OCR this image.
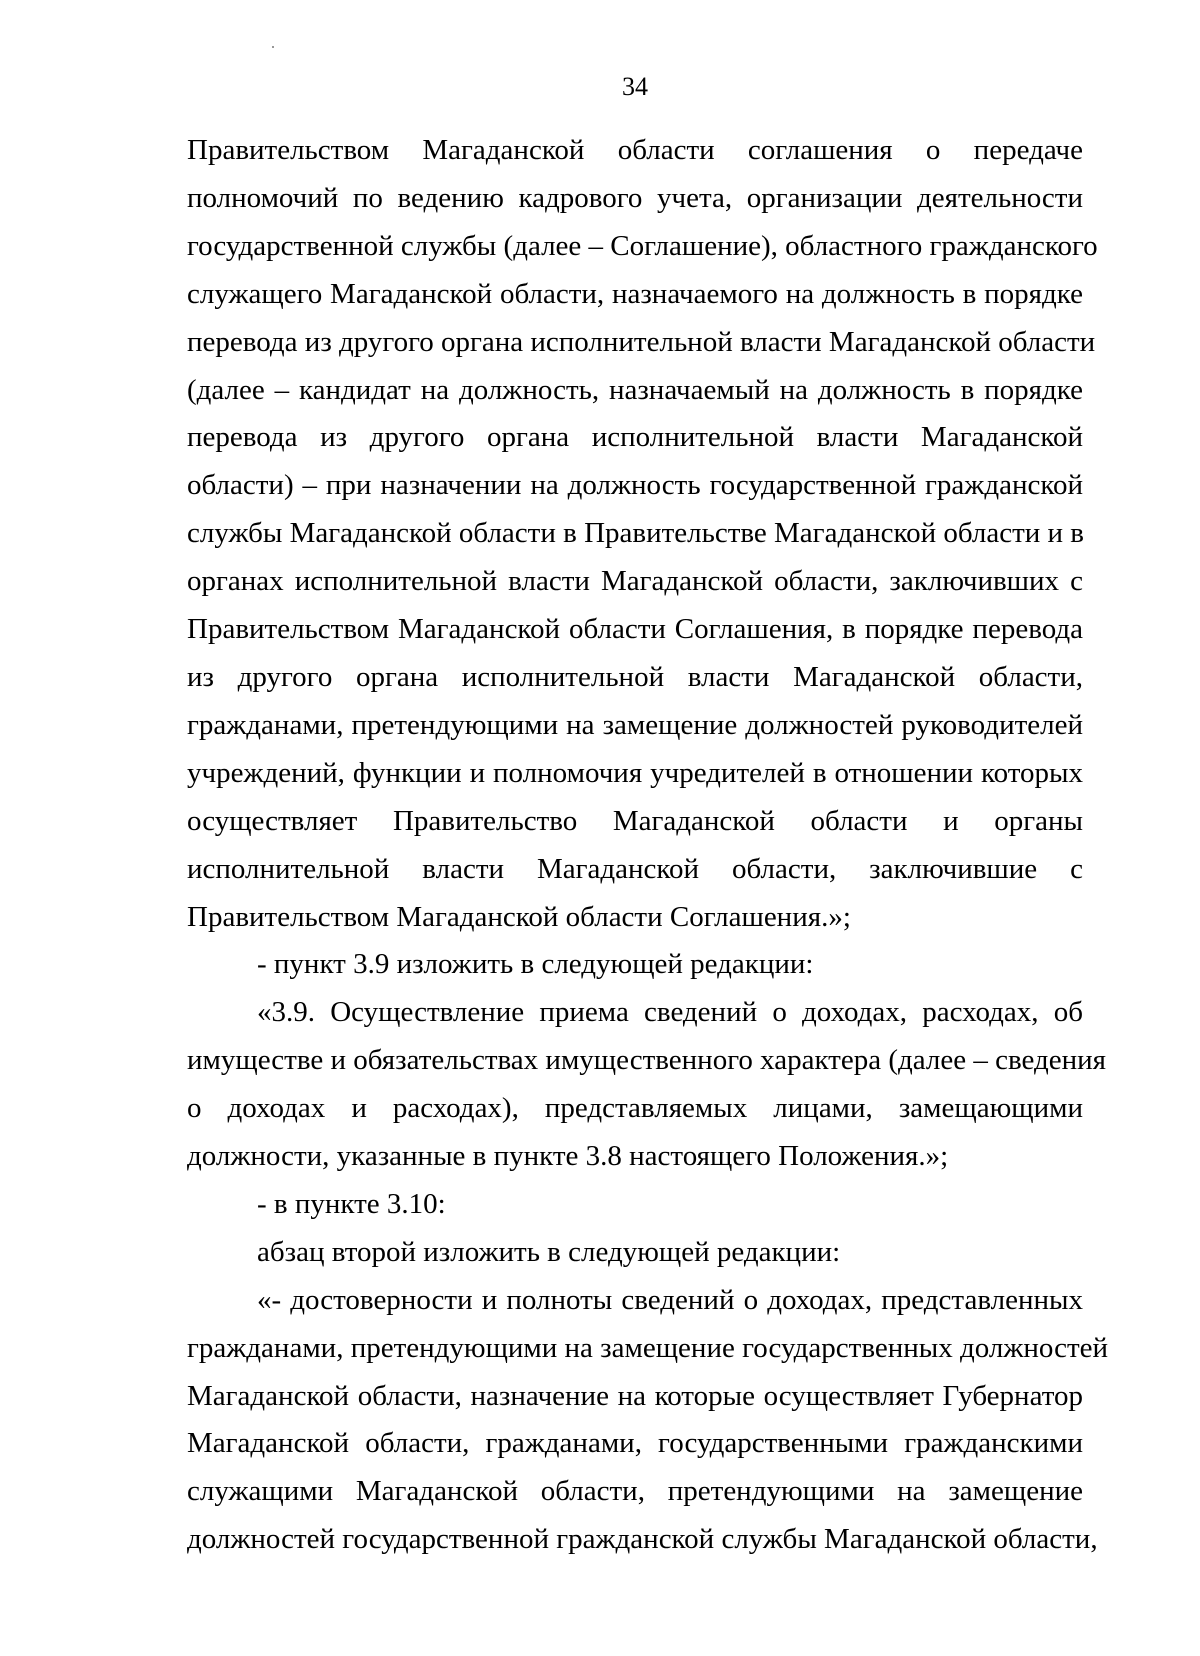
34
Правительством Магаданской области соглашения о передаче
полномочий по ведению кадрового учета, организации деятельности
государственной службы (далее – Соглашение), областного гражданского
служащего Магаданской области, назначаемого на должность в порядке
перевода из другого органа исполнительной власти Магаданской области
(далее – кандидат на должность, назначаемый на должность в порядке
перевода из другого органа исполнительной власти Магаданской
области) – при назначении на должность государственной гражданской
службы Магаданской области в Правительстве Магаданской области и в
органах исполнительной власти Магаданской области, заключивших с
Правительством Магаданской области Соглашения, в порядке перевода
из другого органа исполнительной власти Магаданской области,
гражданами, претендующими на замещение должностей руководителей
учреждений, функции и полномочия учредителей в отношении которых
осуществляет Правительство Магаданской области и органы
исполнительной власти Магаданской области, заключившие с
Правительством Магаданской области Соглашения.»;
- пункт 3.9 изложить в следующей редакции:
«3.9. Осуществление приема сведений о доходах, расходах, об
имуществе и обязательствах имущественного характера (далее – сведения
о доходах и расходах), представляемых лицами, замещающими
должности, указанные в пункте 3.8 настоящего Положения.»;
- в пункте 3.10:
абзац второй изложить в следующей редакции:
«- достоверности и полноты сведений о доходах, представленных
гражданами, претендующими на замещение государственных должностей
Магаданской области, назначение на которые осуществляет Губернатор
Магаданской области, гражданами, государственными гражданскими
служащими Магаданской области, претендующими на замещение
должностей государственной гражданской службы Магаданской области,
